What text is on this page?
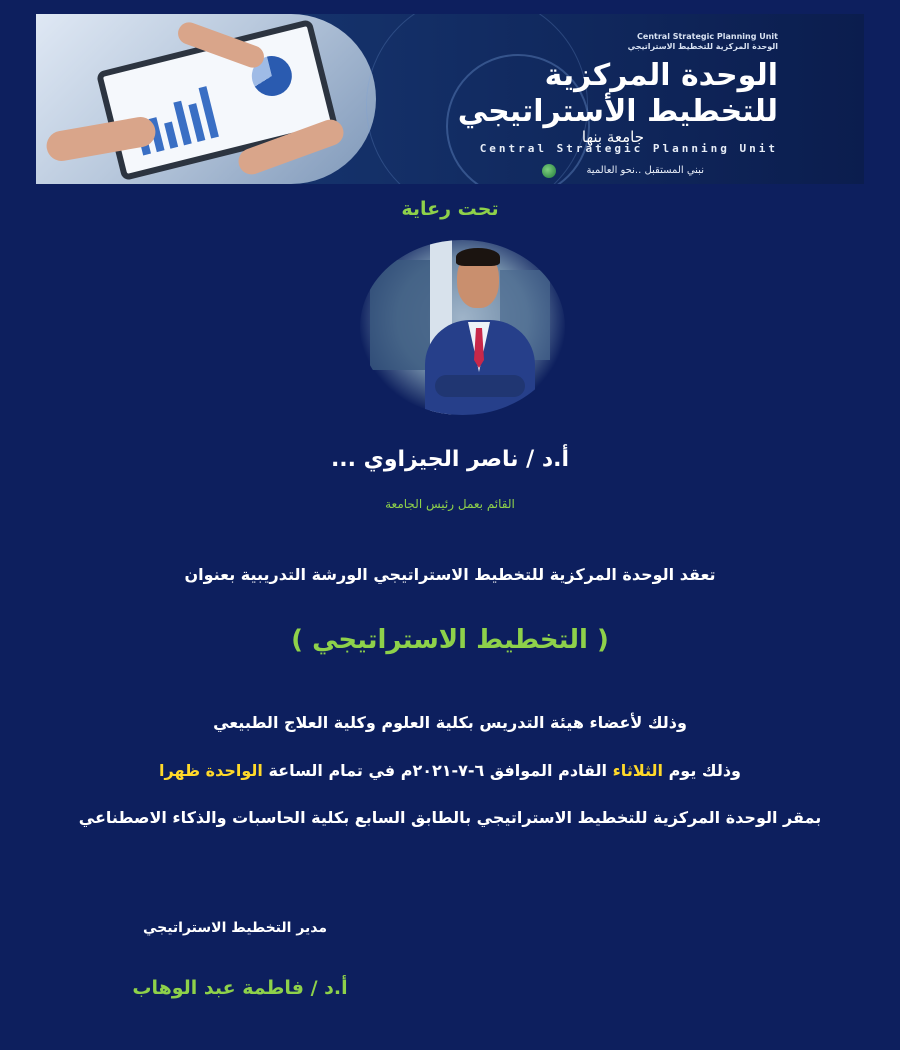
Central Strategic Planning Unit
الوحدة المركزية للتخطيط الاستراتيجي
الوحدة المركزية
للتخطيط الأستراتيجي
جامعة بنها
Central Strategic Planning Unit
نبني المستقبل ..نحو العالمية
تحت رعاية
أ.د / ناصر الجيزاوي ...
القائم بعمل رئيس الجامعة
تعقد الوحدة المركزية للتخطيط الاستراتيجي الورشة التدريبية بعنوان
( التخطيط الاستراتيجي )
وذلك لأعضاء هيئة التدريس بكلية العلوم وكلية العلاج الطبيعي
وذلك يوم الثلاثاء القادم الموافق ٦-٧-٢٠٢١م في تمام الساعة الواحدة ظهرا
بمقر الوحدة المركزية للتخطيط الاستراتيجي بالطابق السابع بكلية الحاسبات والذكاء الاصطناعي
مدير التخطيط الاستراتيجي
أ.د / فاطمة عبد الوهاب
